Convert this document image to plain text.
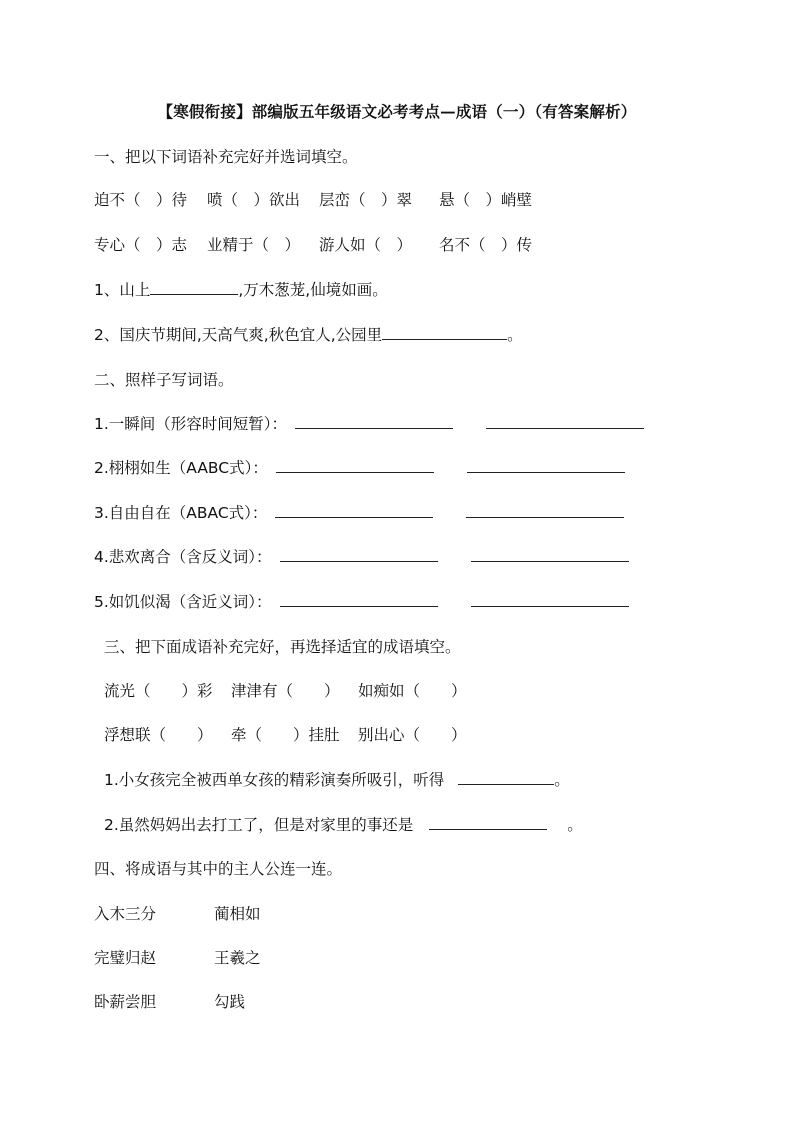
【寒假衔接】部编版五年级语文必考考点—成语（一）（有答案解析）
一、把以下词语补充完好并选词填空。
迫不（　）待 喷（　）欲出 层峦（　）翠 悬（　）峭壁
专心（　）志 业精于（　） 游人如（　） 名不（　）传
1、山上	,万木葱茏,仙境如画。
2、国庆节期间,天高气爽,秋色宜人,公园里	。
二、照样子写词语。
1.一瞬间（形容时间短暂）：
2.栩栩如生（AABC式）：
3.自由自在（ABAC式）：
4.悲欢离合（含反义词）：
5.如饥似渴（含近义词）：
三、把下面成语补充完好，再选择适宜的成语填空。
流光（　　）彩 津津有（　　） 如痴如（　　）
浮想联（　　） 牵（　　）挂肚 别出心（　　）
1.小女孩完全被西单女孩的精彩演奏所吸引，听得	。
2.虽然妈妈出去打工了，但是对家里的事还是	。
四、将成语与其中的主人公连一连。
入木三分	蔺相如
完璧归赵	王羲之
卧薪尝胆	勾践
